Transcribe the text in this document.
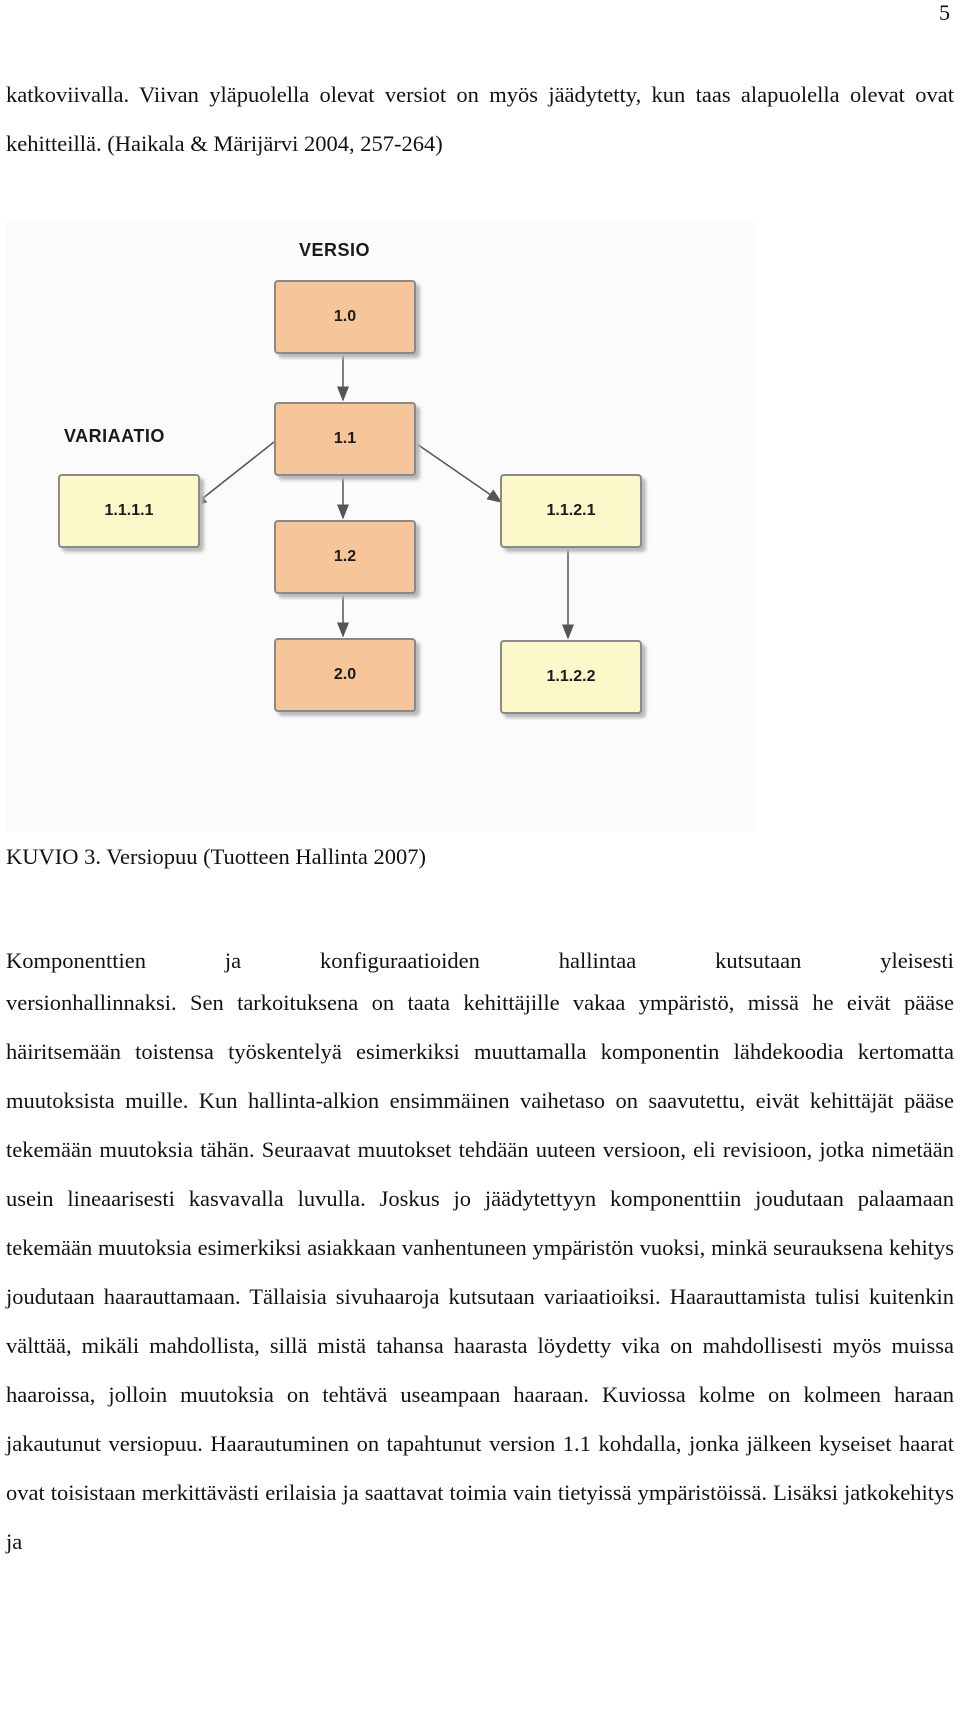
5

katkoviivalla. Viivan yläpuolella olevat versiot on myös jäädytetty, kun taas alapuolella olevat ovat kehitteillä. (Haikala & Märijärvi 2004, 257-264)

VERSIO
VARIAATIO
1.0
1.1
1.2
2.0
1.1.1.1	1.1.2.1
1.1.2.2

KUVIO 3. Versiopuu (Tuotteen Hallinta 2007)

Komponenttien	ja	konfiguraatioiden	hallintaa	kutsutaan	yleisesti

versionhallinnaksi. Sen tarkoituksena on taata kehittäjille vakaa ympäristö, missä he eivät pääse häiritsemään toistensa työskentelyä esimerkiksi muuttamalla komponentin lähdekoodia kertomatta muutoksista muille. Kun hallinta-alkion ensimmäinen vaihetaso on saavutettu, eivät kehittäjät pääse tekemään muutoksia tähän. Seuraavat muutokset tehdään uuteen versioon, eli revisioon, jotka nimetään usein lineaarisesti kasvavalla luvulla. Joskus jo jäädytettyyn komponenttiin joudutaan palaamaan tekemään muutoksia esimerkiksi asiakkaan vanhentuneen ympäristön vuoksi, minkä seurauksena kehitys joudutaan haarauttamaan. Tällaisia sivuhaaroja kutsutaan variaatioiksi. Haarauttamista tulisi kuitenkin välttää, mikäli mahdollista, sillä mistä tahansa haarasta löydetty vika on mahdollisesti myös muissa haaroissa, jolloin muutoksia on tehtävä useampaan haaraan. Kuviossa kolme on kolmeen haraan jakautunut versiopuu. Haarautuminen on tapahtunut version 1.1 kohdalla, jonka jälkeen kyseiset haarat ovat toisistaan merkittävästi erilaisia ja saattavat toimia vain tietyissä ympäristöissä. Lisäksi jatkokehitys ja
